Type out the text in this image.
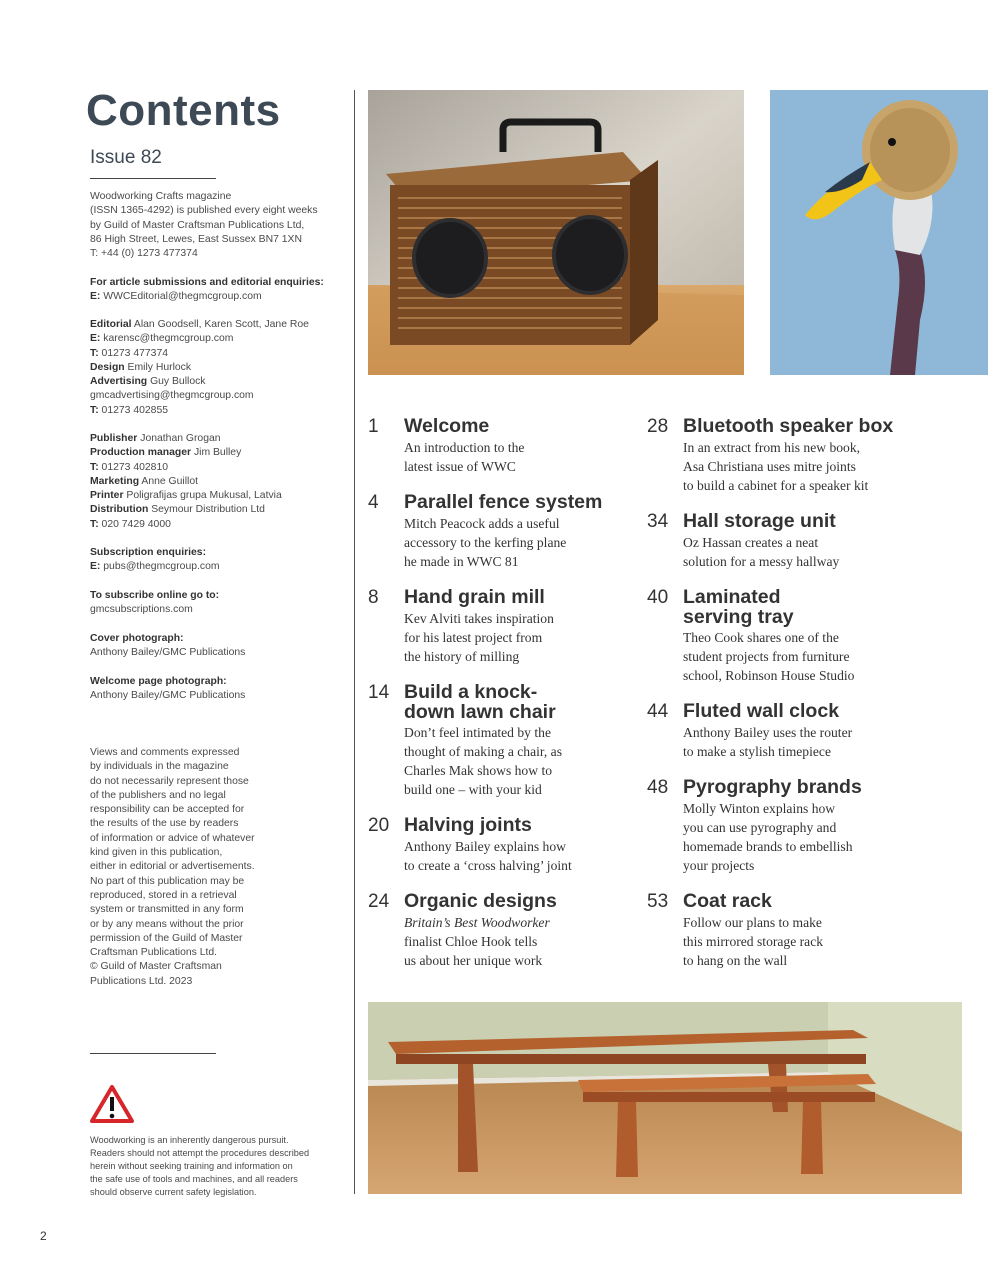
Contents
Issue 82

Woodworking Crafts magazine

(ISSN 1365-4292) is published every eight weeks

by Guild of Master Craftsman Publications Ltd,

86 High Street, Lewes, East Sussex BN7 1XN

T: +44 (0) 1273 477374

For article submissions and editorial enquiries:

E: WWCEditorial@thegmcgroup.com

Editorial Alan Goodsell, Karen Scott, Jane Roe

E: karensc@thegmcgroup.com

T: 01273 477374

Design Emily Hurlock

Advertising Guy Bullock

gmcadvertising@thegmcgroup.com

T: 01273 402855

Publisher Jonathan Grogan

Production manager Jim Bulley

T: 01273 402810

Marketing Anne Guillot

Printer Poligrafijas grupa Mukusal, Latvia

Distribution Seymour Distribution Ltd

T: 020 7429 4000

Subscription enquiries:

E: pubs@thegmcgroup.com

To subscribe online go to:

gmcsubscriptions.com

Cover photograph:

Anthony Bailey/GMC Publications

Welcome page photograph:

Anthony Bailey/GMC Publications

Views and comments expressed

by individuals in the magazine

do not necessarily represent those

of the publishers and no legal

responsibility can be accepted for

the results of the use by readers

of information or advice of whatever

kind given in this publication,

either in editorial or advertisements.

No part of this publication may be

reproduced, stored in a retrieval

system or transmitted in any form

or by any means without the prior

permission of the Guild of Master

Craftsman Publications Ltd.

© Guild of Master Craftsman

Publications Ltd. 2023

Woodworking is an inherently dangerous pursuit.
Readers should not attempt the procedures described
herein without seeking training and information on
the safe use of tools and machines, and all readers
should observe current safety legislation.
2
1 Welcome

An introduction to the

latest issue of WWC

4 Parallel fence system

Mitch Peacock adds a useful

accessory to the kerfing plane

he made in WWC 81

8 Hand grain mill

Kev Alviti takes inspiration

for his latest project from

the history of milling

14 Build a knock-down lawn chair

Don’t feel intimated by the

thought of making a chair, as

Charles Mak shows how to

build one – with your kid

20 Halving joints

Anthony Bailey explains how

to create a ‘cross halving’ joint

24 Organic designs

Britain’s Best Woodworker

finalist Chloe Hook tells

us about her unique work

28 Bluetooth speaker box

In an extract from his new book,

Asa Christiana uses mitre joints

to build a cabinet for a speaker kit

34 Hall storage unit

Oz Hassan creates a neat

solution for a messy hallway

40 Laminated serving tray

Theo Cook shares one of the

student projects from furniture

school, Robinson House Studio

44 Fluted wall clock

Anthony Bailey uses the router

to make a stylish timepiece

48 Pyrography brands

Molly Winton explains how

you can use pyrography and

homemade brands to embellish

your projects

53 Coat rack

Follow our plans to make

this mirrored storage rack

to hang on the wall
